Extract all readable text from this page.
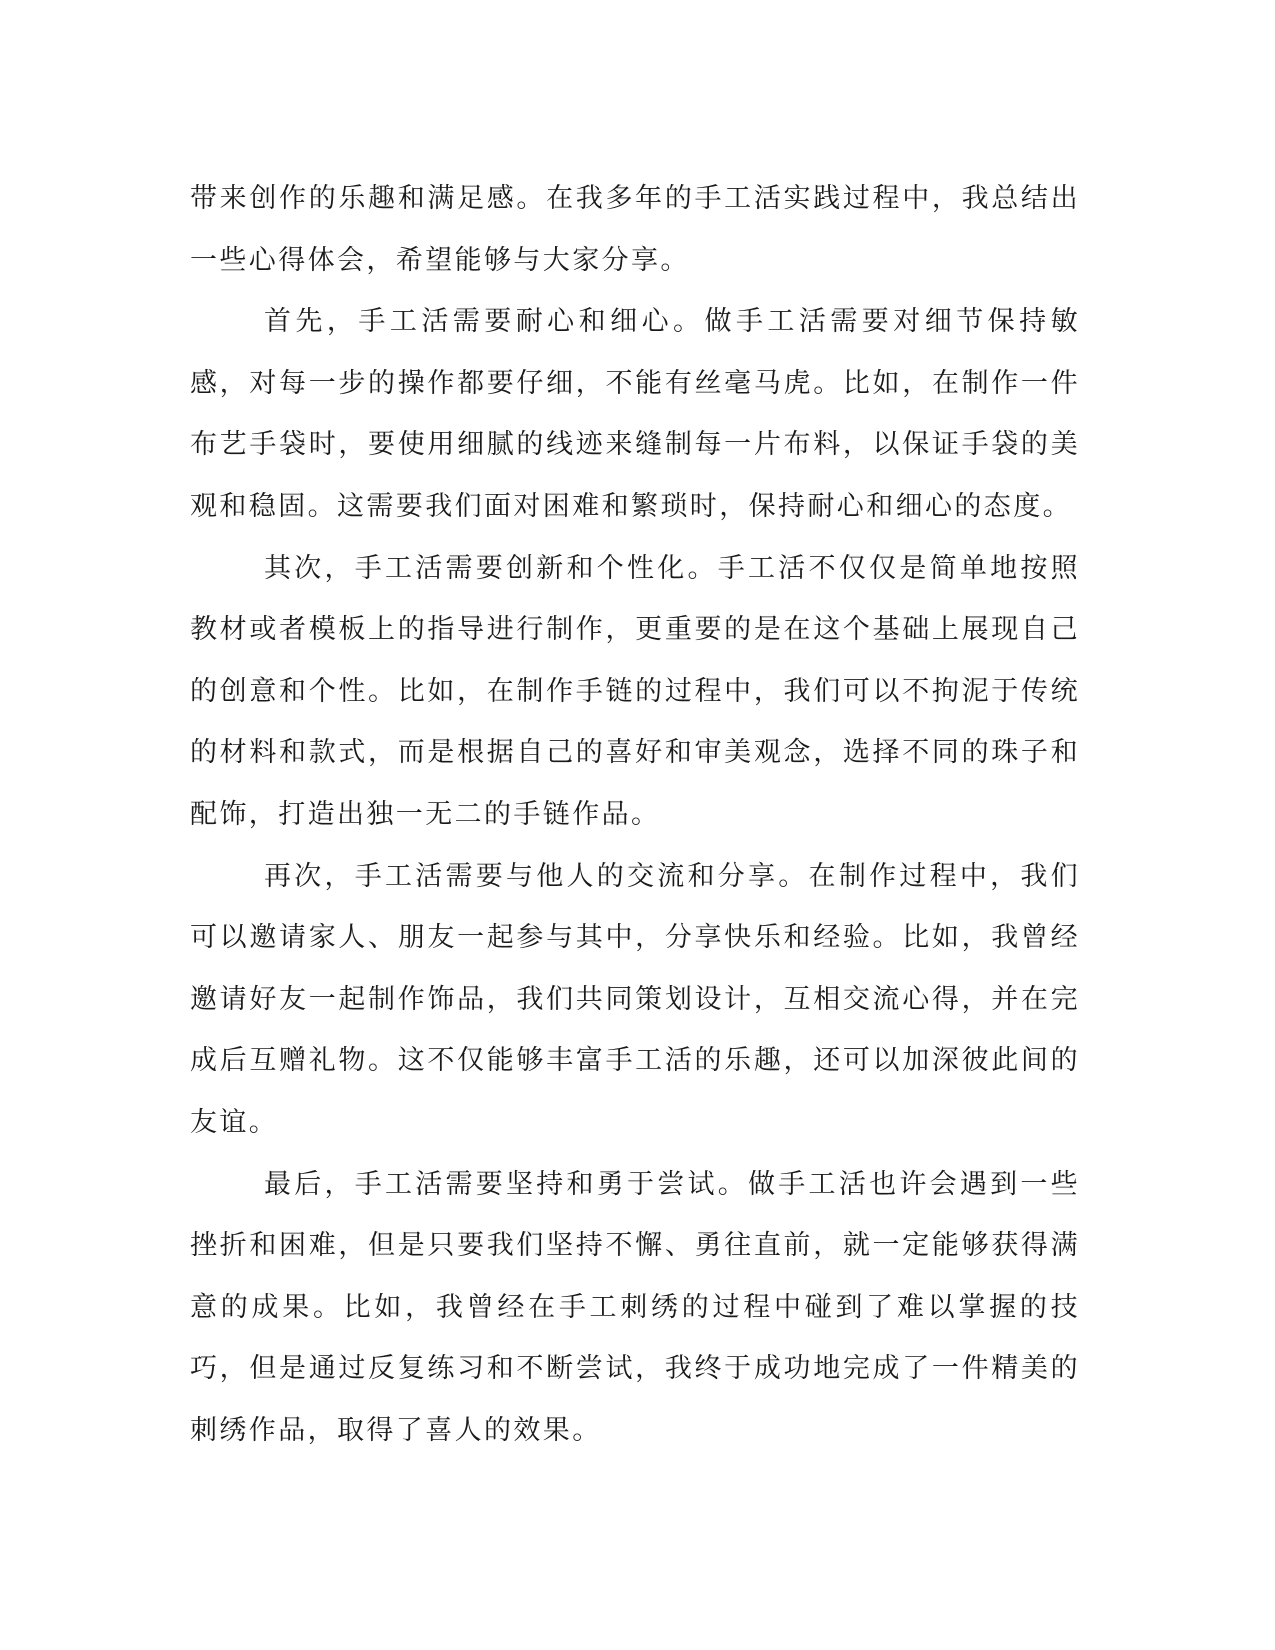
带来创作的乐趣和满足感。在我多年的手工活实践过程中，我总结出一些心得体会，希望能够与大家分享。

首先，手工活需要耐心和细心。做手工活需要对细节保持敏感，对每一步的操作都要仔细，不能有丝毫马虎。比如，在制作一件布艺手袋时，要使用细腻的线迹来缝制每一片布料，以保证手袋的美观和稳固。这需要我们面对困难和繁琐时，保持耐心和细心的态度。

其次，手工活需要创新和个性化。手工活不仅仅是简单地按照教材或者模板上的指导进行制作，更重要的是在这个基础上展现自己的创意和个性。比如，在制作手链的过程中，我们可以不拘泥于传统的材料和款式，而是根据自己的喜好和审美观念，选择不同的珠子和配饰，打造出独一无二的手链作品。

再次，手工活需要与他人的交流和分享。在制作过程中，我们可以邀请家人、朋友一起参与其中，分享快乐和经验。比如，我曾经邀请好友一起制作饰品，我们共同策划设计，互相交流心得，并在完成后互赠礼物。这不仅能够丰富手工活的乐趣，还可以加深彼此间的友谊。

最后，手工活需要坚持和勇于尝试。做手工活也许会遇到一些挫折和困难，但是只要我们坚持不懈、勇往直前，就一定能够获得满意的成果。比如，我曾经在手工刺绣的过程中碰到了难以掌握的技巧，但是通过反复练习和不断尝试，我终于成功地完成了一件精美的刺绣作品，取得了喜人的效果。
